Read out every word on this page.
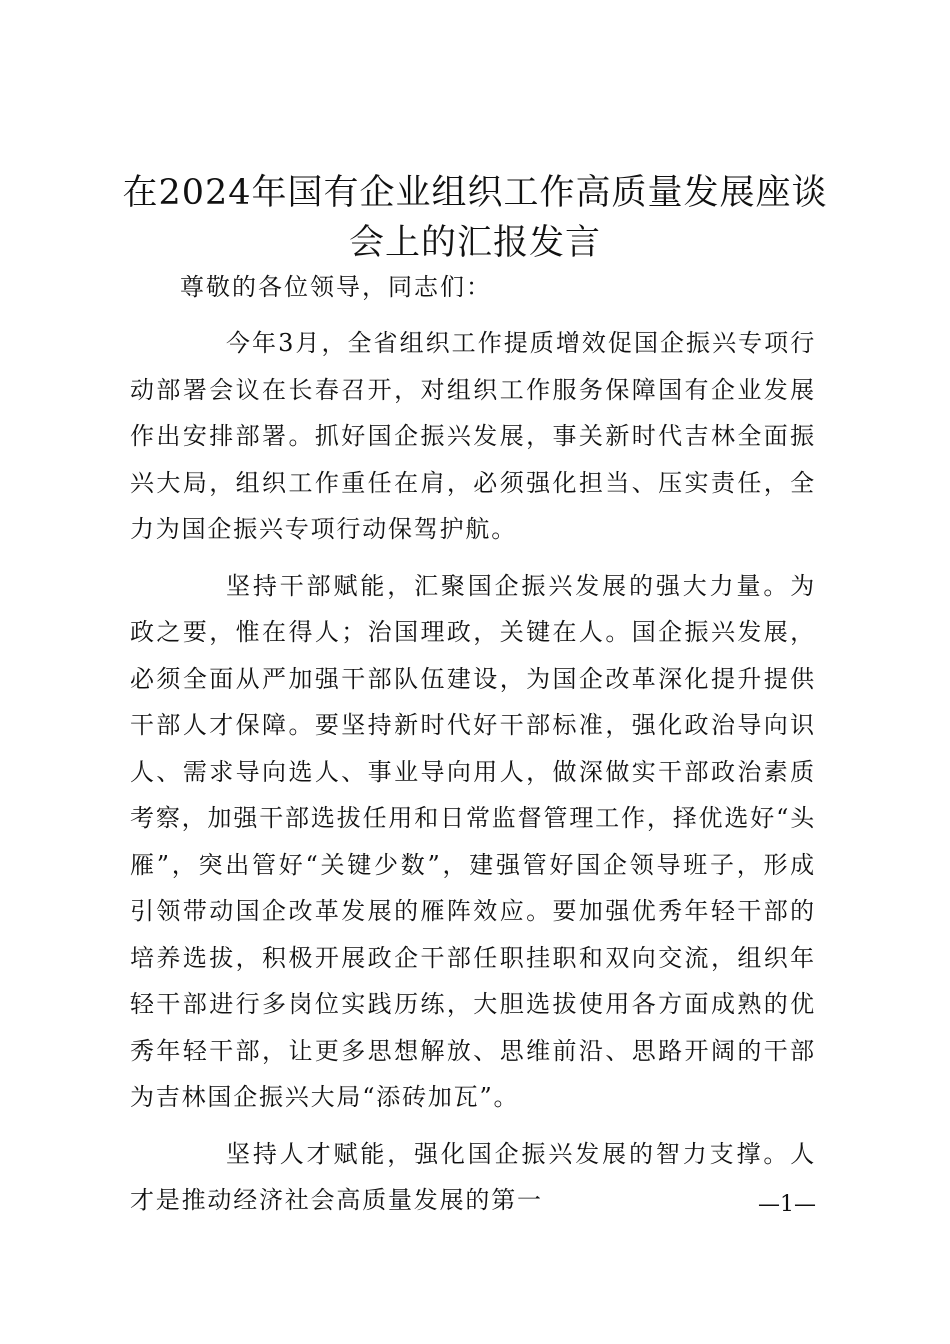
在2024年国有企业组织工作高质量发展座谈会上的汇报发言

尊敬的各位领导，同志们：

今年3月，全省组织工作提质增效促国企振兴专项行动部署会议在长春召开，对组织工作服务保障国有企业发展作出安排部署。抓好国企振兴发展，事关新时代吉林全面振兴大局，组织工作重任在肩，必须强化担当、压实责任，全力为国企振兴专项行动保驾护航。

坚持干部赋能，汇聚国企振兴发展的强大力量。为政之要，惟在得人；治国理政，关键在人。国企振兴发展，必须全面从严加强干部队伍建设，为国企改革深化提升提供干部人才保障。要坚持新时代好干部标准，强化政治导向识人、需求导向选人、事业导向用人，做深做实干部政治素质考察，加强干部选拔任用和日常监督管理工作，择优选好“头雁”，突出管好“关键少数”，建强管好国企领导班子，形成引领带动国企改革发展的雁阵效应。要加强优秀年轻干部的培养选拔，积极开展政企干部任职挂职和双向交流，组织年轻干部进行多岗位实践历练，大胆选拔使用各方面成熟的优秀年轻干部，让更多思想解放、思维前沿、思路开阔的干部为吉林国企振兴大局“添砖加瓦”。

坚持人才赋能，强化国企振兴发展的智力支撑。人才是推动经济社会高质量发展的第一	—1—
